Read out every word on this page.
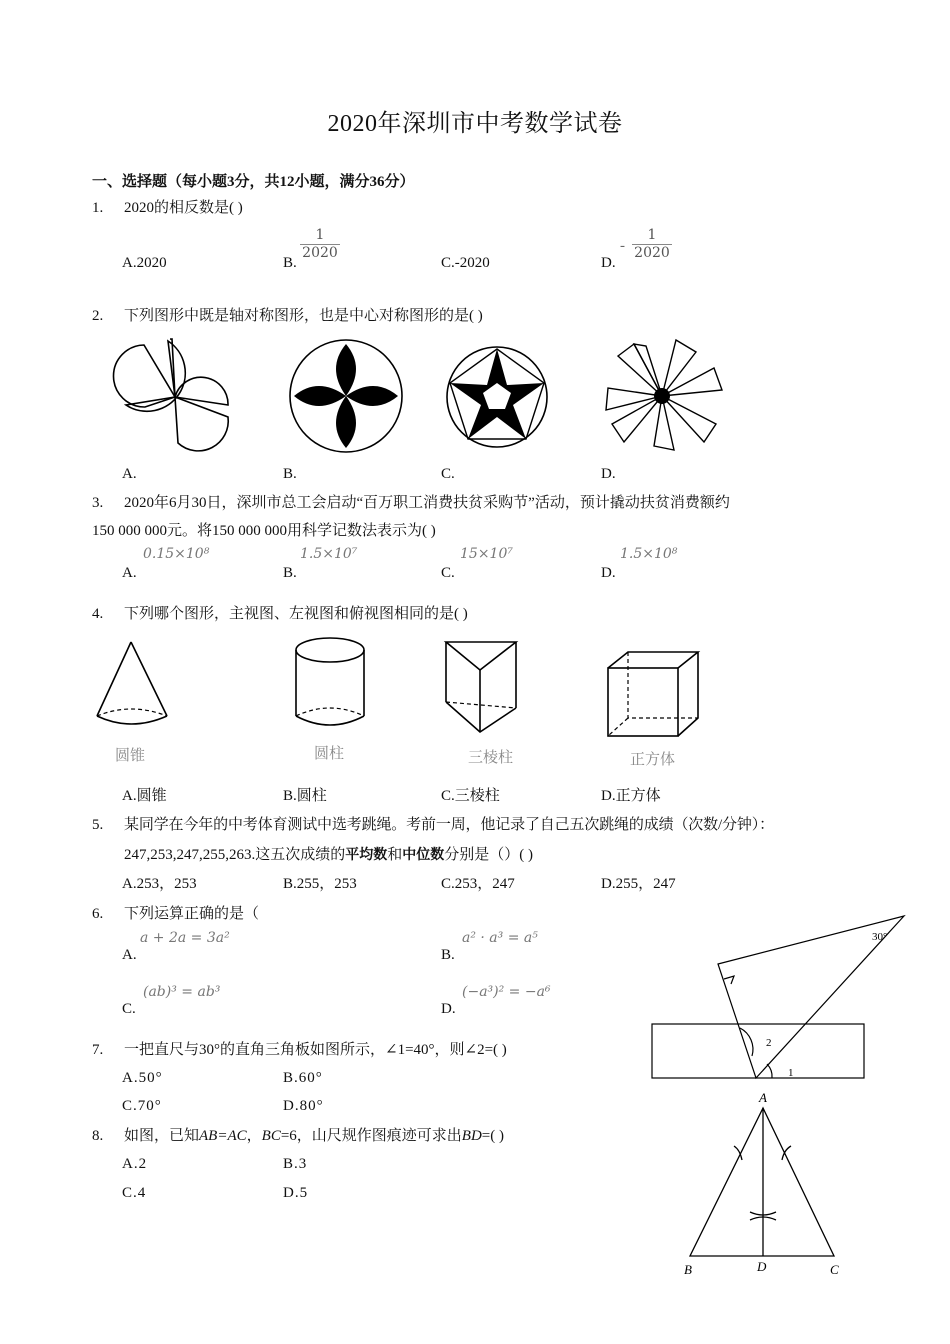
2020年深圳市中考数学试卷
一、选择题（每小题3分，共12小题，满分36分）
1. 2020的相反数是( )
A.2020	B.
1
2020
C.-2020	D.
-
1
2020
2. 下列图形中既是轴对称图形，也是中心对称图形的是( )
A.	B.	C.	D.
3. 2020年6月30日，深圳市总工会启动“百万职工消费扶贫采购节”活动，预计撬动扶贫消费额约
150 000 000元。将150 000 000用科学记数法表示为( )
A.
0.15×10⁸
B.
1.5×10⁷
C.
15×10⁷
D.
1.5×10⁸
4. 下列哪个图形，主视图、左视图和俯视图相同的是( )
圆锥	圆柱	三棱柱	正方体
A.圆锥	B.圆柱	C.三棱柱	D.正方体
5. 某同学在今年的中考体育测试中选考跳绳。考前一周，他记录了自己五次跳绳的成绩（次数/分钟）：
247,253,247,255,263.这五次成绩的平均数和中位数分别是（）( )
A.253，253	B.255，253	C.253，247	D.255，247
6. 下列运算正确的是（
A.
a + 2a = 3a²
B.
a² · a³ = a⁵
C.
(ab)³ = ab³
D.
(−a³)² = −a⁶
30°
2
1
7. 一把直尺与30°的直角三角板如图所示，∠1=40°，则∠2=( )
A.50°	B.60°
C.70°	D.80°
8. 如图，已知AB=AC，BC=6，山尺规作图痕迹可求出BD=( )
A.2	B.3
C.4	D.5
A
B	D	C
